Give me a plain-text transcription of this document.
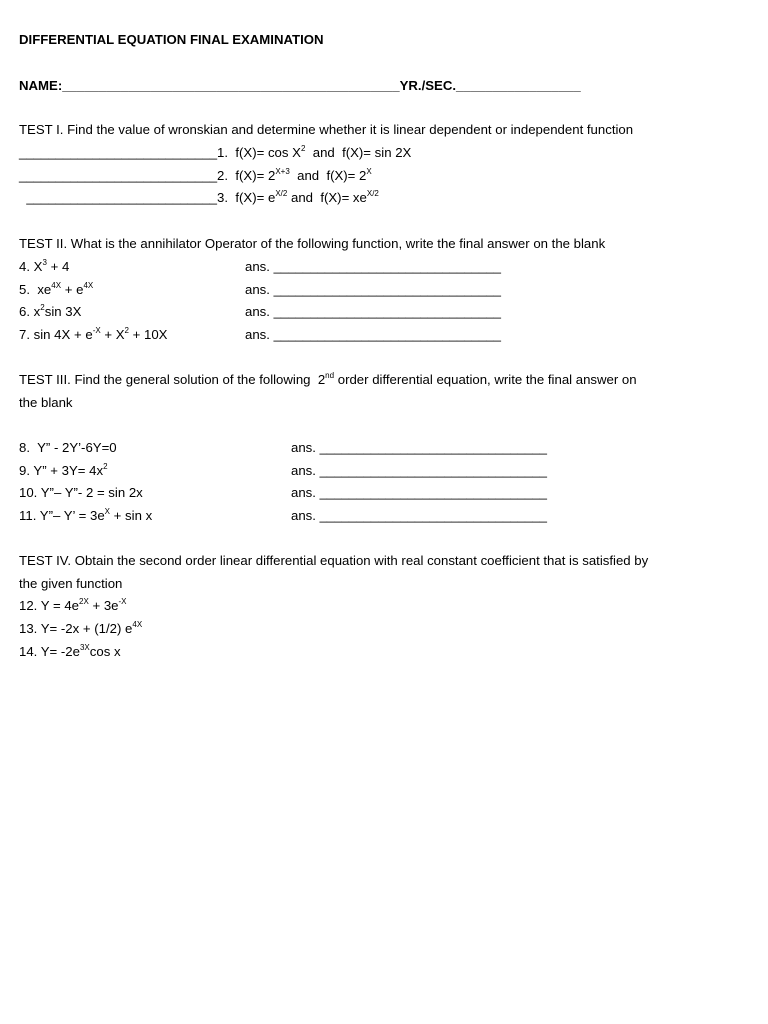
DIFFERENTIAL EQUATION FINAL EXAMINATION
NAME:______________________________________________YR./SEC._________________
TEST I. Find the value of wronskian and determine whether it is linear dependent or independent function
___________________________1. $f(X)= \cos X^2$  and  f(X)= sin 2X
___________________________2. $f(X)= 2^{X+3}$  and  $f(X)= 2^X$
__________________________3. $f(X)= e^{X/2}$ and  $f(X)= xe^{X/2}$
TEST II. What is the annihilator Operator of the following function, write the final answer on the blank
4. $X^3 + 4$	ans. _______________________________
5.  $xe^{4X} + e^{4X}$	ans. _______________________________
6. $x^2\sin$ 3X	ans. _______________________________
7. $\sin 4X + e^{-X} + X^2 + 10X$	ans. _______________________________
TEST III. Find the general solution of the following  2nd order differential equation, write the final answer on
the blank
8.  Y” - 2Y’-6Y=0	ans. _______________________________
9. Y” + $3Y= 4x^2$	ans. _______________________________
10. Y”– Y”- 2 = sin 2x	ans. _______________________________
11. Y”– Y’ = $3e^X + \sin x$	ans. _______________________________
TEST IV. Obtain the second order linear differential equation with real constant coefficient that is satisfied by
the given function
12. $Y = 4e^{2X} + 3e^{-X}$
13. Y= -2x + (1/2) $e^{4X}$
14. $Y= -2e^{3X}\cos$ x
